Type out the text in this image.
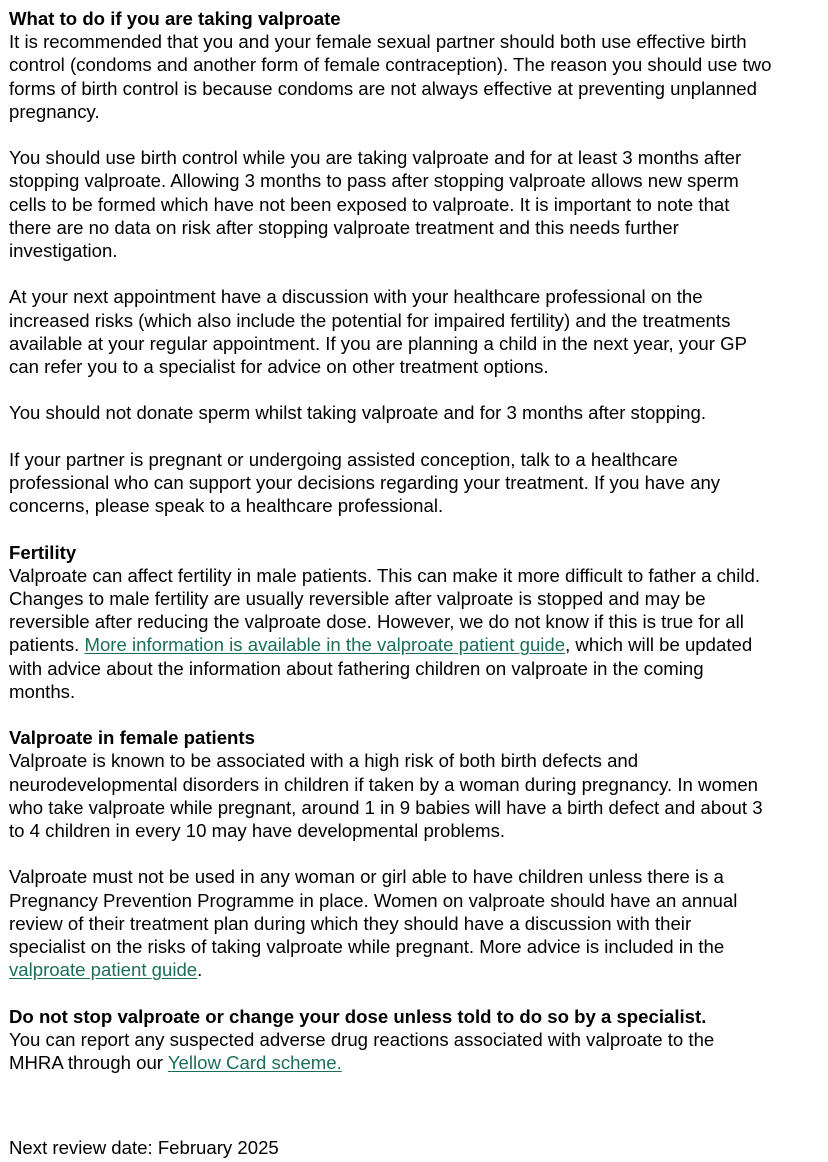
What to do if you are taking valproate
It is recommended that you and your female sexual partner should both use effective birth
control (condoms and another form of female contraception). The reason you should use two
forms of birth control is because condoms are not always effective at preventing unplanned
pregnancy.
You should use birth control while you are taking valproate and for at least 3 months after
stopping valproate. Allowing 3 months to pass after stopping valproate allows new sperm
cells to be formed which have not been exposed to valproate. It is important to note that
there are no data on risk after stopping valproate treatment and this needs further
investigation.
At your next appointment have a discussion with your healthcare professional on the
increased risks (which also include the potential for impaired fertility) and the treatments
available at your regular appointment. If you are planning a child in the next year, your GP
can refer you to a specialist for advice on other treatment options.
You should not donate sperm whilst taking valproate and for 3 months after stopping.
If your partner is pregnant or undergoing assisted conception, talk to a healthcare
professional who can support your decisions regarding your treatment. If you have any
concerns, please speak to a healthcare professional.
Fertility
Valproate can affect fertility in male patients. This can make it more difficult to father a child.
Changes to male fertility are usually reversible after valproate is stopped and may be
reversible after reducing the valproate dose. However, we do not know if this is true for all
patients. More information is available in the valproate patient guide, which will be updated
with advice about the information about fathering children on valproate in the coming
months.
Valproate in female patients
Valproate is known to be associated with a high risk of both birth defects and
neurodevelopmental disorders in children if taken by a woman during pregnancy. In women
who take valproate while pregnant, around 1 in 9 babies will have a birth defect and about 3
to 4 children in every 10 may have developmental problems.
Valproate must not be used in any woman or girl able to have children unless there is a
Pregnancy Prevention Programme in place. Women on valproate should have an annual
review of their treatment plan during which they should have a discussion with their
specialist on the risks of taking valproate while pregnant. More advice is included in the
valproate patient guide.
Do not stop valproate or change your dose unless told to do so by a specialist.
You can report any suspected adverse drug reactions associated with valproate to the
MHRA through our Yellow Card scheme.
Next review date: February 2025
